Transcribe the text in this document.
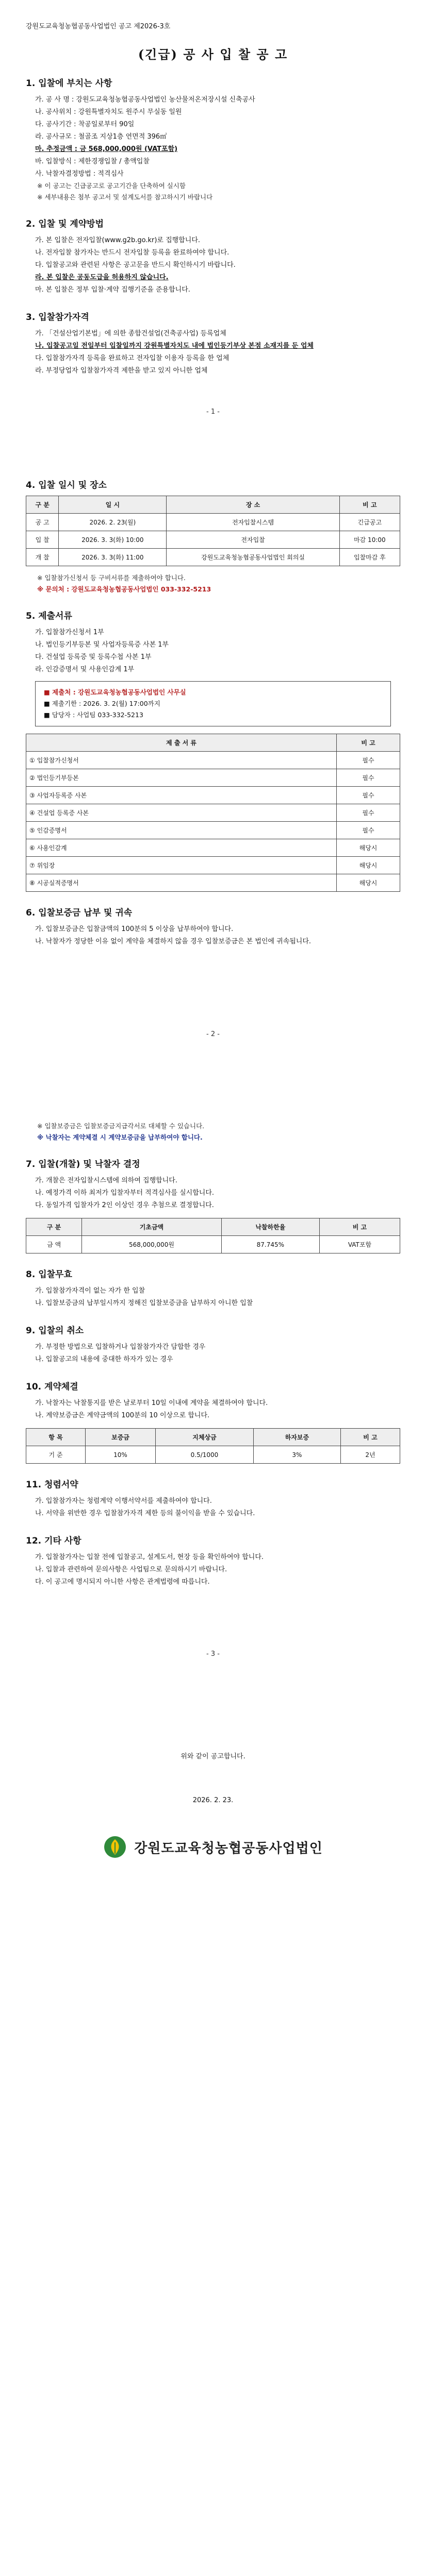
강원도교육청농협공동사업법인 공고 제2026-3호
(긴급) 공 사 입 찰 공 고
1. 입찰에 부치는 사항
가. 공 사 명 : 강원도교육청농협공동사업법인 농산물저온저장시설 신축공사
나. 공사위치 : 강원특별자치도 원주시 무실동 일원
다. 공사기간 : 착공일로부터 90일
라. 공사규모 : 철골조 지상1층 연면적 396㎡
마. 추정금액 : 금 568,000,000원 (VAT포함)
바. 입찰방식 : 제한경쟁입찰 / 총액입찰
사. 낙찰자결정방법 : 적격심사
※ 이 공고는 긴급공고로 공고기간을 단축하여 실시함
※ 세부내용은 첨부 공고서 및 설계도서를 참고하시기 바랍니다
2. 입찰 및 계약방법
가. 본 입찰은 전자입찰(www.g2b.go.kr)로 집행합니다.
나. 전자입찰 참가자는 반드시 전자입찰 등록을 완료하여야 합니다.
다. 입찰공고와 관련된 사항은 공고문을 반드시 확인하시기 바랍니다.
라. 본 입찰은 공동도급을 허용하지 않습니다.
마. 본 입찰은 정부 입찰·계약 집행기준을 준용합니다.
3. 입찰참가자격
가. 「건설산업기본법」에 의한 종합건설업(건축공사업) 등록업체
나. 입찰공고일 전일부터 입찰일까지 강원특별자치도 내에 법인등기부상 본점 소재지를 둔 업체
다. 입찰참가자격 등록을 완료하고 전자입찰 이용자 등록을 한 업체
라. 부정당업자 입찰참가자격 제한을 받고 있지 아니한 업체
- 1 -
4. 입찰 일시 및 장소
구 분	일 시	장 소	비 고
공 고	2026. 2. 23(월)	전자입찰시스템	긴급공고
입 찰	2026. 3. 3(화) 10:00	전자입찰	마감 10:00
개 찰	2026. 3. 3(화) 11:00	강원도교육청농협공동사업법인 회의실	입찰마감 후
※ 입찰참가신청서 등 구비서류를 제출하여야 합니다.
※ 문의처 : 강원도교육청농협공동사업법인 033-332-5213
5. 제출서류
가. 입찰참가신청서 1부
나. 법인등기부등본 및 사업자등록증 사본 1부
다. 건설업 등록증 및 등록수첩 사본 1부
라. 인감증명서 및 사용인감계 1부
■ 제출처 : 강원도교육청농협공동사업법인 사무실
■ 제출기한 : 2026. 3. 2(월) 17:00까지
■ 담당자 : 사업팀 033-332-5213
제 출 서 류	비 고
① 입찰참가신청서	필수
② 법인등기부등본	필수
③ 사업자등록증 사본	필수
④ 건설업 등록증 사본	필수
⑤ 인감증명서	필수
⑥ 사용인감계	해당시
⑦ 위임장	해당시
⑧ 시공실적증명서	해당시
6. 입찰보증금 납부 및 귀속
가. 입찰보증금은 입찰금액의 100분의 5 이상을 납부하여야 합니다.
나. 낙찰자가 정당한 이유 없이 계약을 체결하지 않을 경우 입찰보증금은 본 법인에 귀속됩니다.
- 2 -
※ 입찰보증금은 입찰보증금지급각서로 대체할 수 있습니다.
※ 낙찰자는 계약체결 시 계약보증금을 납부하여야 합니다.
7. 입찰(개찰) 및 낙찰자 결정
가. 개찰은 전자입찰시스템에 의하여 집행합니다.
나. 예정가격 이하 최저가 입찰자부터 적격심사를 실시합니다.
다. 동일가격 입찰자가 2인 이상인 경우 추첨으로 결정합니다.
구 분	기초금액	낙찰하한율	비 고
금 액	568,000,000원	87.745%	VAT포함
8. 입찰무효
가. 입찰참가자격이 없는 자가 한 입찰
나. 입찰보증금의 납부일시까지 정해진 입찰보증금을 납부하지 아니한 입찰
9. 입찰의 취소
가. 부정한 방법으로 입찰하거나 입찰참가자간 담합한 경우
나. 입찰공고의 내용에 중대한 하자가 있는 경우
10. 계약체결
가. 낙찰자는 낙찰통지를 받은 날로부터 10일 이내에 계약을 체결하여야 합니다.
나. 계약보증금은 계약금액의 100분의 10 이상으로 합니다.
항 목	보증금	지체상금	하자보증	비 고
기 준	10%	0.5/1000	3%	2년
11. 청렴서약
가. 입찰참가자는 청렴계약 이행서약서를 제출하여야 합니다.
나. 서약을 위반한 경우 입찰참가자격 제한 등의 불이익을 받을 수 있습니다.
12. 기타 사항
가. 입찰참가자는 입찰 전에 입찰공고, 설계도서, 현장 등을 확인하여야 합니다.
나. 입찰과 관련하여 문의사항은 사업팀으로 문의하시기 바랍니다.
다. 이 공고에 명시되지 아니한 사항은 관계법령에 따릅니다.
- 3 -
위와 같이 공고합니다.
2026. 2. 23.
강원도교육청농협공동사업법인
